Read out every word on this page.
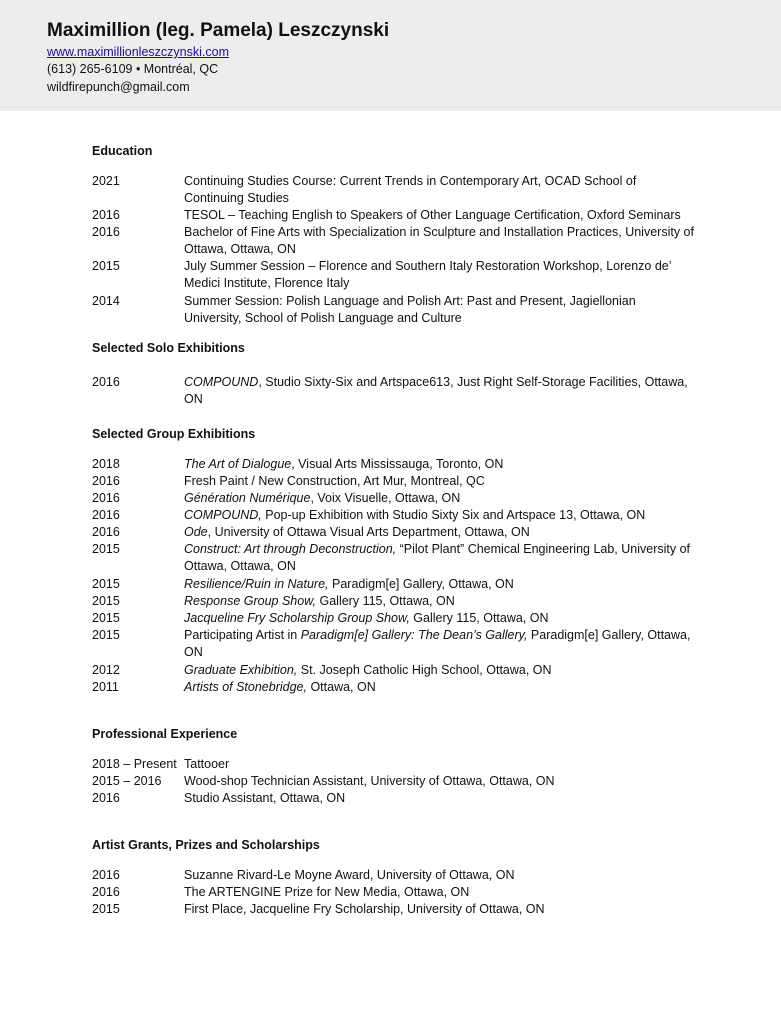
Maximillion (leg. Pamela) Leszczynski
www.maximillionleszczynski.com
(613) 265-6109 • Montréal, QC
wildfirepunch@gmail.com
Education
2021	Continuing Studies Course: Current Trends in Contemporary Art, OCAD School of Continuing Studies
2016	TESOL – Teaching English to Speakers of Other Language Certification, Oxford Seminars
2016	Bachelor of Fine Arts with Specialization in Sculpture and Installation Practices, University of Ottawa, Ottawa, ON
2015	July Summer Session – Florence and Southern Italy Restoration Workshop, Lorenzo de’ Medici Institute, Florence Italy
2014	Summer Session: Polish Language and Polish Art: Past and Present, Jagiellonian University, School of Polish Language and Culture
Selected Solo Exhibitions
2016	COMPOUND, Studio Sixty-Six and Artspace613, Just Right Self-Storage Facilities, Ottawa, ON
Selected Group Exhibitions
2018	The Art of Dialogue, Visual Arts Mississauga, Toronto, ON
2016	Fresh Paint / New Construction, Art Mur, Montreal, QC
2016	Génération Numérique, Voix Visuelle, Ottawa, ON
2016	COMPOUND, Pop-up Exhibition with Studio Sixty Six and Artspace 13, Ottawa, ON
2016	Ode, University of Ottawa Visual Arts Department, Ottawa, ON
2015	Construct: Art through Deconstruction, “Pilot Plant” Chemical Engineering Lab, University of Ottawa, Ottawa, ON
2015	Resilience/Ruin in Nature, Paradigm[e] Gallery, Ottawa, ON
2015	Response Group Show, Gallery 115, Ottawa, ON
2015	Jacqueline Fry Scholarship Group Show, Gallery 115, Ottawa, ON
2015	Participating Artist in Paradigm[e] Gallery: The Dean’s Gallery, Paradigm[e] Gallery, Ottawa, ON
2012	Graduate Exhibition, St. Joseph Catholic High School, Ottawa, ON
2011	Artists of Stonebridge, Ottawa, ON
Professional Experience
2018 – Present Tattooer
2015 – 2016 Wood-shop Technician Assistant, University of Ottawa, Ottawa, ON
2016	Studio Assistant, Ottawa, ON
Artist Grants, Prizes and Scholarships
2016	Suzanne Rivard-Le Moyne Award, University of Ottawa, ON
2016	The ARTENGINE Prize for New Media, Ottawa, ON
2015	First Place, Jacqueline Fry Scholarship, University of Ottawa, ON
